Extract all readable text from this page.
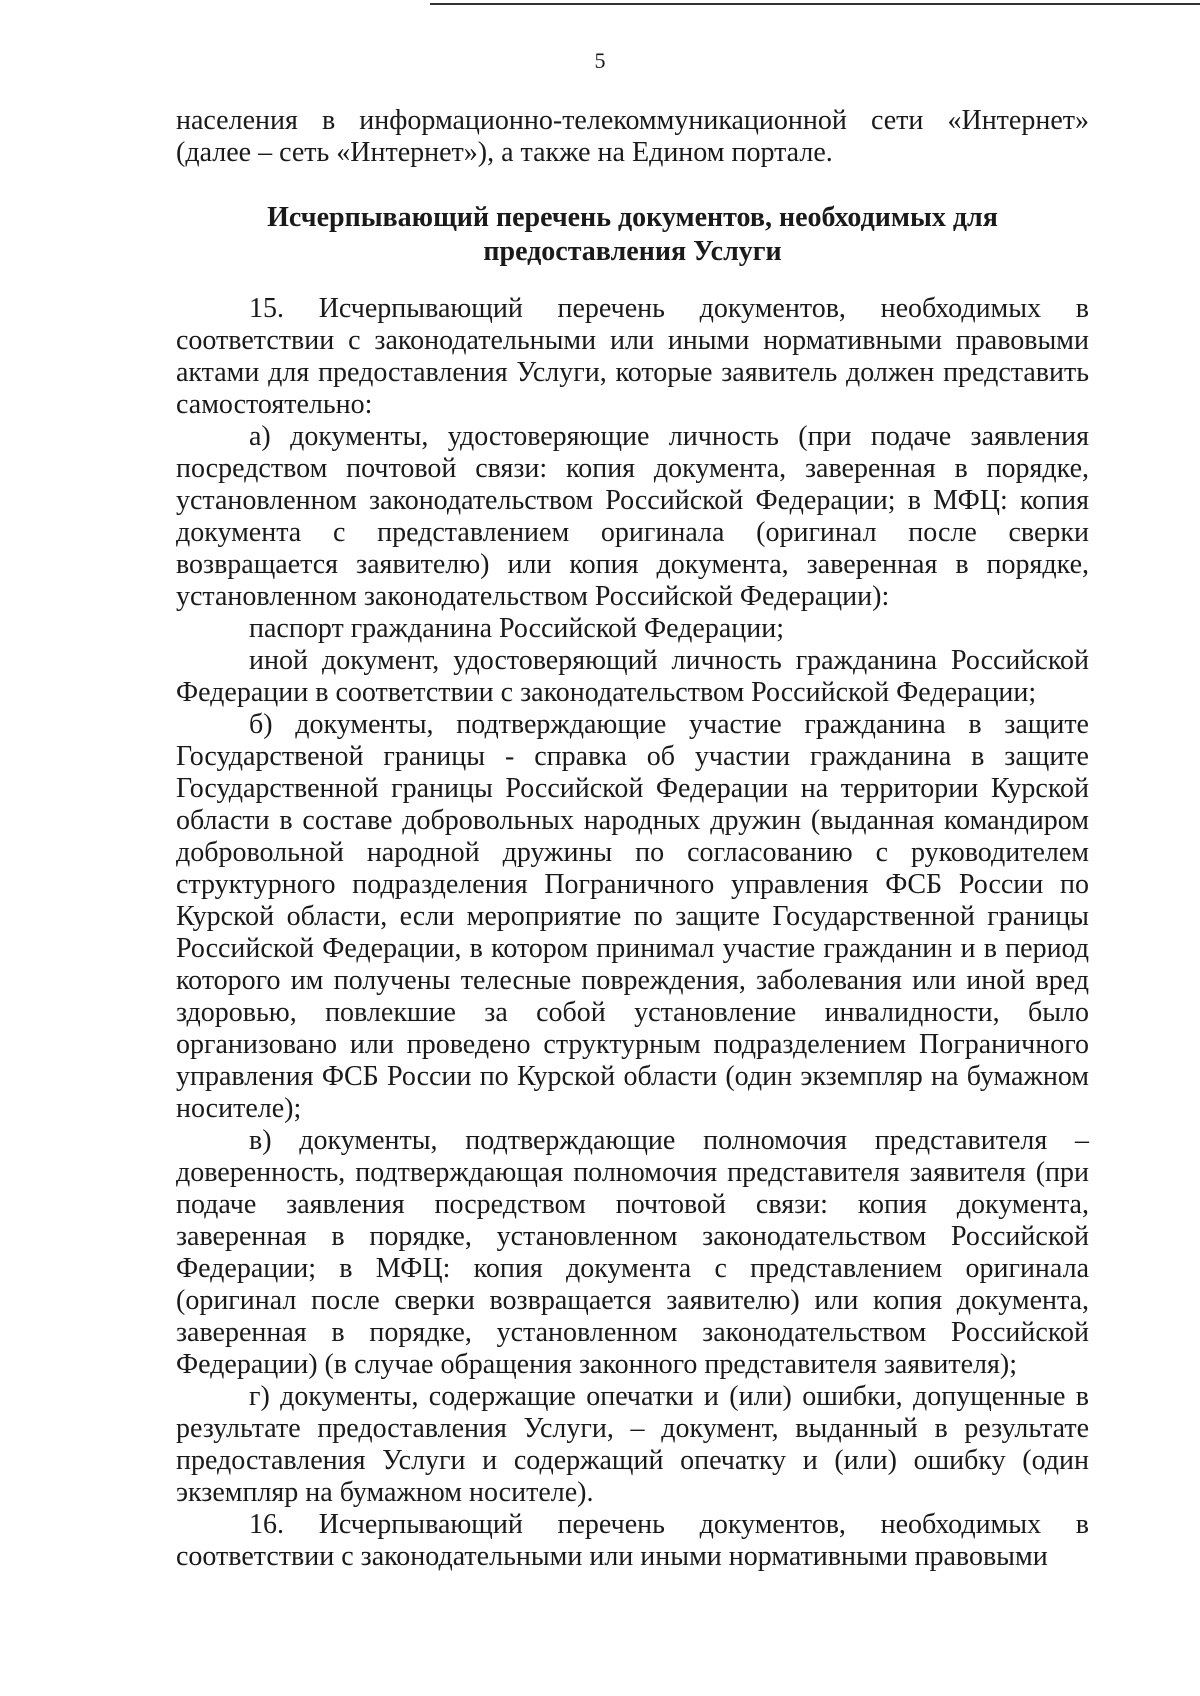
5

населения в информационно-телекоммуникационной сети «Интернет» (далее – сеть «Интернет»), а также на Едином портале.

Исчерпывающий перечень документов, необходимых для
предоставления Услуги

15. Исчерпывающий перечень документов, необходимых в соответствии с законодательными или иными нормативными правовыми актами для предоставления Услуги, которые заявитель должен представить самостоятельно:

а) документы, удостоверяющие личность (при подаче заявления посредством почтовой связи: копия документа, заверенная в порядке, установленном законодательством Российской Федерации; в МФЦ: копия документа с представлением оригинала (оригинал после сверки возвращается заявителю) или копия документа, заверенная в порядке, установленном законодательством Российской Федерации):

паспорт гражданина Российской Федерации;

иной документ, удостоверяющий личность гражданина Российской Федерации в соответствии с законодательством Российской Федерации;

б) документы, подтверждающие участие гражданина в защите Государственой границы - справка об участии гражданина в защите Государственной границы Российской Федерации на территории Курской области в составе добровольных народных дружин (выданная командиром добровольной народной дружины по согласованию с руководителем структурного подразделения Пограничного управления ФСБ России по Курской области, если мероприятие по защите Государственной границы Российской Федерации, в котором принимал участие гражданин и в период которого им получены телесные повреждения, заболевания или иной вред здоровью, повлекшие за собой установление инвалидности, было организовано или проведено структурным подразделением Пограничного управления ФСБ России по Курской области (один экземпляр на бумажном носителе);

в) документы, подтверждающие полномочия представителя – доверенность, подтверждающая полномочия представителя заявителя (при подаче заявления посредством почтовой связи: копия документа, заверенная в порядке, установленном законодательством Российской Федерации; в МФЦ: копия документа с представлением оригинала (оригинал после сверки возвращается заявителю) или копия документа, заверенная в порядке, установленном законодательством Российской Федерации) (в случае обращения законного представителя заявителя);

г) документы, содержащие опечатки и (или) ошибки, допущенные в результате предоставления Услуги, – документ, выданный в результате предоставления Услуги и содержащий опечатку и (или) ошибку (один экземпляр на бумажном носителе).

16. Исчерпывающий перечень документов, необходимых в соответствии с законодательными или иными нормативными правовыми
